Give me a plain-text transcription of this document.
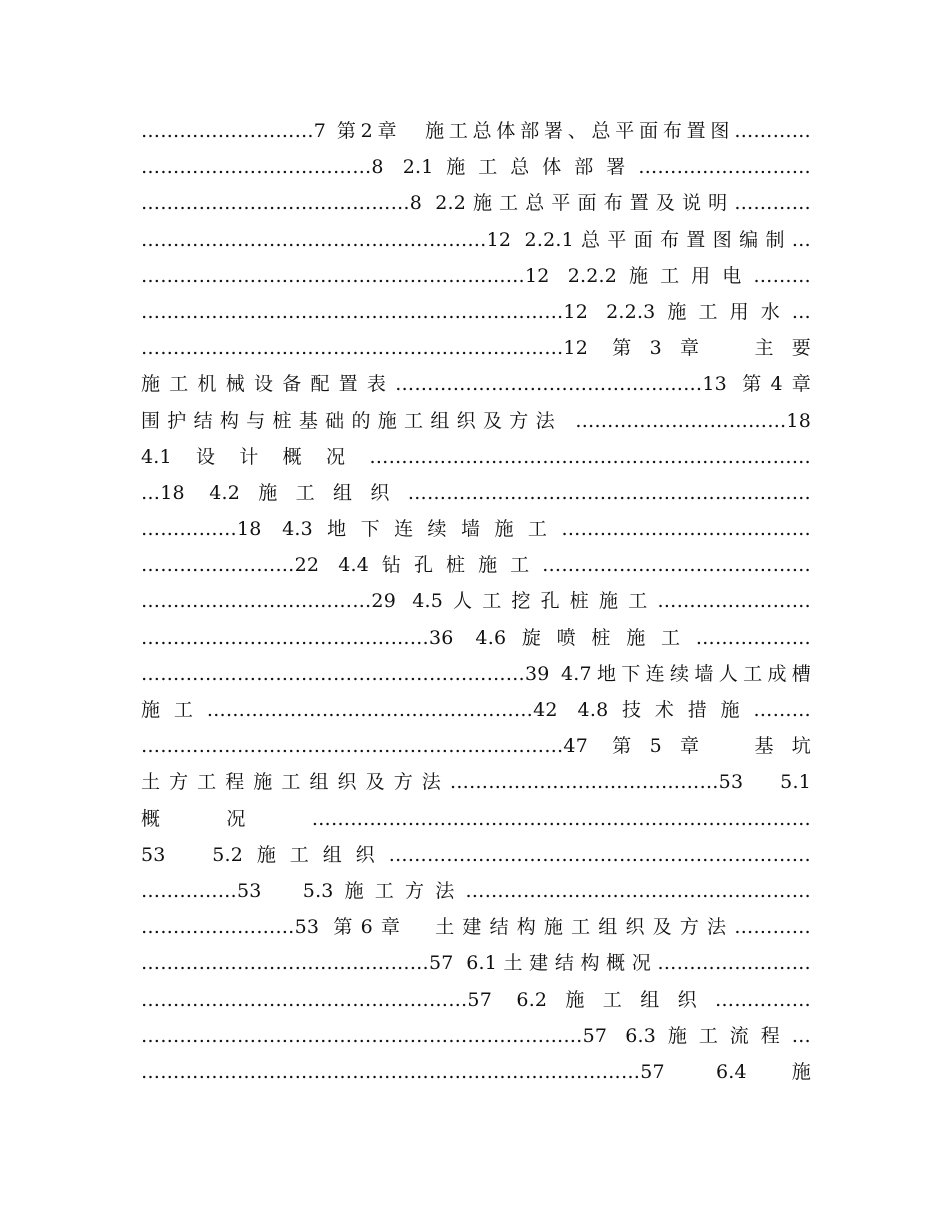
………………………7 第2章　施工总体部署、总平面布置图…………
………………………………8 2.1施工总体部署………………………
……………………………………8 2.2施工总平面布置及说明…………
………………………………………………12 2.2.1总平面布置图编制…
……………………………………………………12 2.2.2施工用电………
…………………………………………………………12 2.2.3施工用水…
…………………………………………………………12 第3章　主要
施工机械设备配置表…………………………………………13 第4章
围护结构与桩基础的施工组织及方法 ……………………………18
4.1设计概况……………………………………………………………
…18 4.2施工组织………………………………………………………
……………18 4.3地下连续墙施工…………………………………
……………………22 4.4钻孔桩施工……………………………………
………………………………29 4.5人工挖孔桩施工……………………
………………………………………36 4.6旋喷桩施工………………
……………………………………………………39 4.7地下连续墙人工成槽
施工……………………………………………42 4.8技术措施………
…………………………………………………………47 第5章　基坑
土方工程施工组织及方法……………………………………53　5.1
概况……………………………………………………………………
53　5.2施工组织…………………………………………………………
……………53　5.3施工方法………………………………………………
……………………53 第6章　土建结构施工组织及方法…………
………………………………………57 6.1土建结构概况……………………
……………………………………………57 6.2施工组织……………
……………………………………………………………57 6.3施工流程…
……………………………………………………………………57 6.4施
